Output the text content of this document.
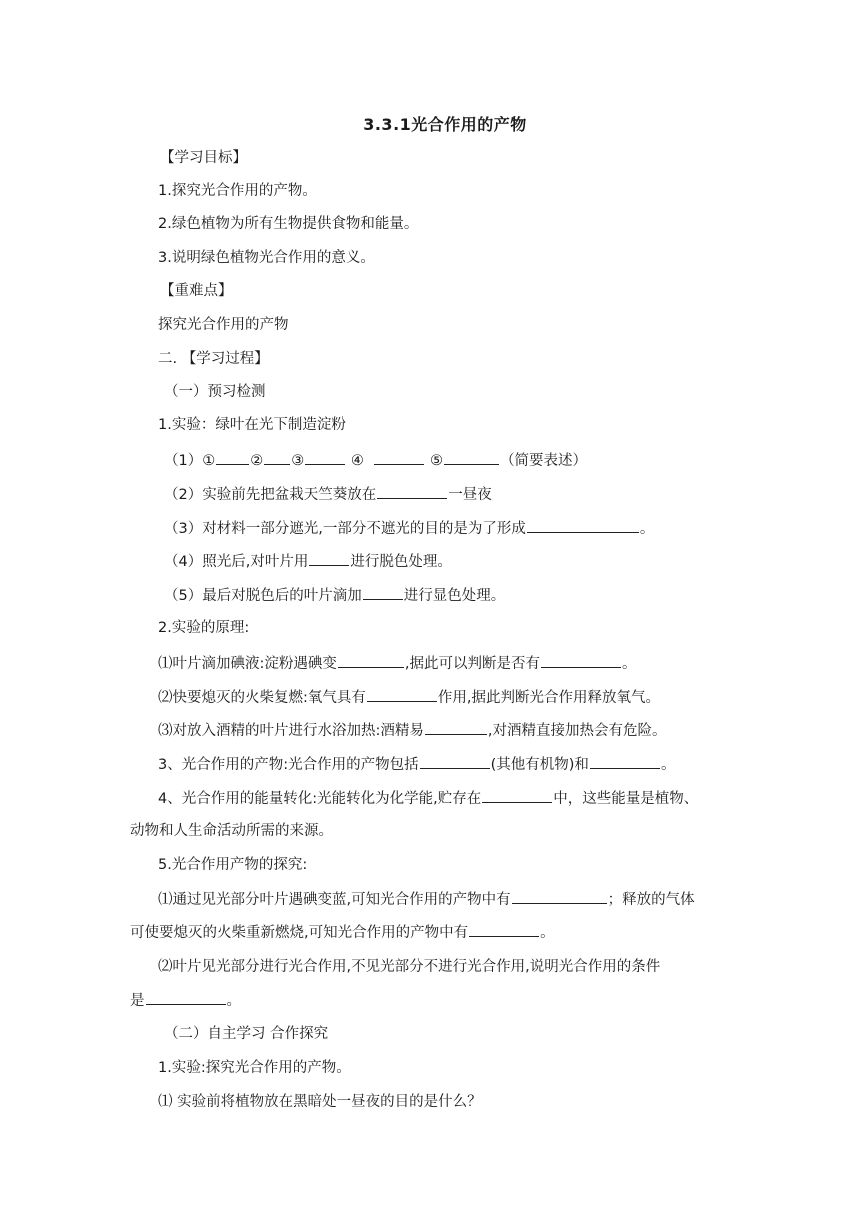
3.3.1光合作用的产物
【学习目标】
1.探究光合作用的产物。
2.绿色植物为所有生物提供食物和能量。
3.说明绿色植物光合作用的意义。
【重难点】
探究光合作用的产物
二. 【学习过程】
（一）预习检测
1.实验：绿叶在光下制造淀粉
（1）① ② ③	④	⑤	（简要表述）
（2）实验前先把盆栽天竺葵放在	一昼夜
（3）对材料一部分遮光,一部分不遮光的目的是为了形成	。
（4）照光后,对叶片用	进行脱色处理。
（5）最后对脱色后的叶片滴加	进行显色处理。
2.实验的原理:
⑴叶片滴加碘液:淀粉遇碘变	,据此可以判断是否有	。
⑵快要熄灭的火柴复燃:氧气具有	作用,据此判断光合作用释放氧气。
⑶对放入酒精的叶片进行水浴加热:酒精易	,对酒精直接加热会有危险。
3、光合作用的产物:光合作用的产物包括	(其他有机物)和	。
4、光合作用的能量转化:光能转化为化学能,贮存在	中，这些能量是植物、
动物和人生命活动所需的来源。
5.光合作用产物的探究:
⑴通过见光部分叶片遇碘变蓝,可知光合作用的产物中有	；释放的气体
可使要熄灭的火柴重新燃烧,可知光合作用的产物中有	。
⑵叶片见光部分进行光合作用,不见光部分不进行光合作用,说明光合作用的条件
是	。
（二）自主学习 合作探究
1.实验:探究光合作用的产物。
⑴ 实验前将植物放在黑暗处一昼夜的目的是什么？
